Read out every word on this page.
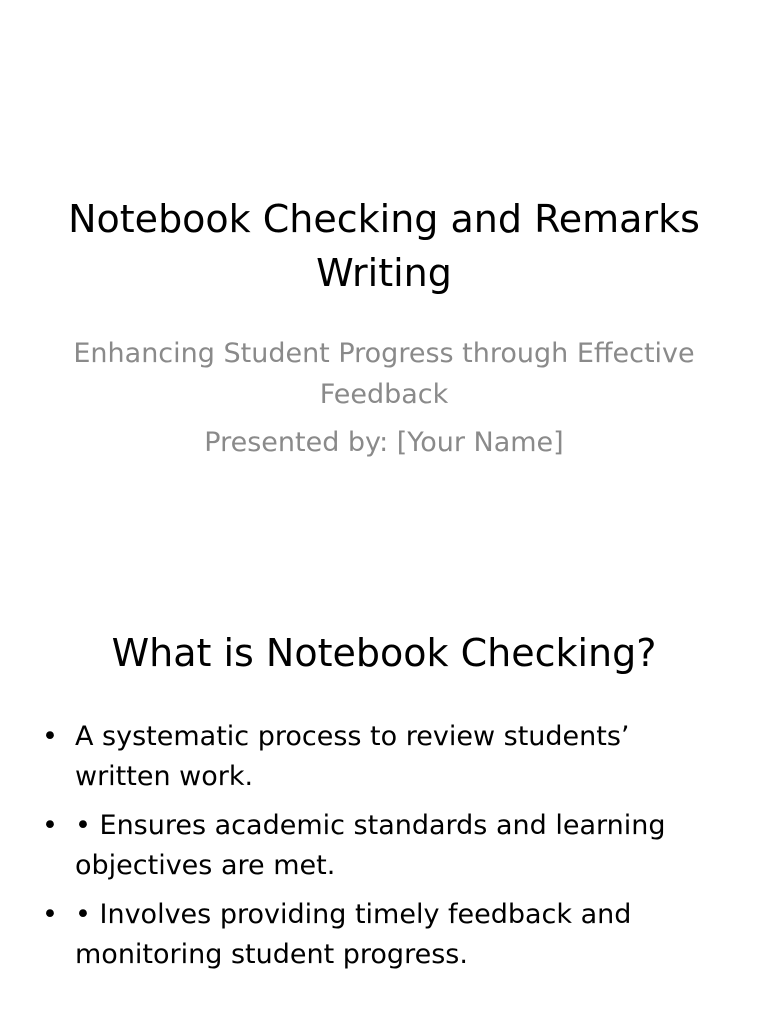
Notebook Checking and Remarks Writing
Enhancing Student Progress through Effective Feedback
Presented by: [Your Name]
What is Notebook Checking?
• A systematic process to review students’ written work.
• • Ensures academic standards and learning objectives are met.
• • Involves providing timely feedback and monitoring student progress.
